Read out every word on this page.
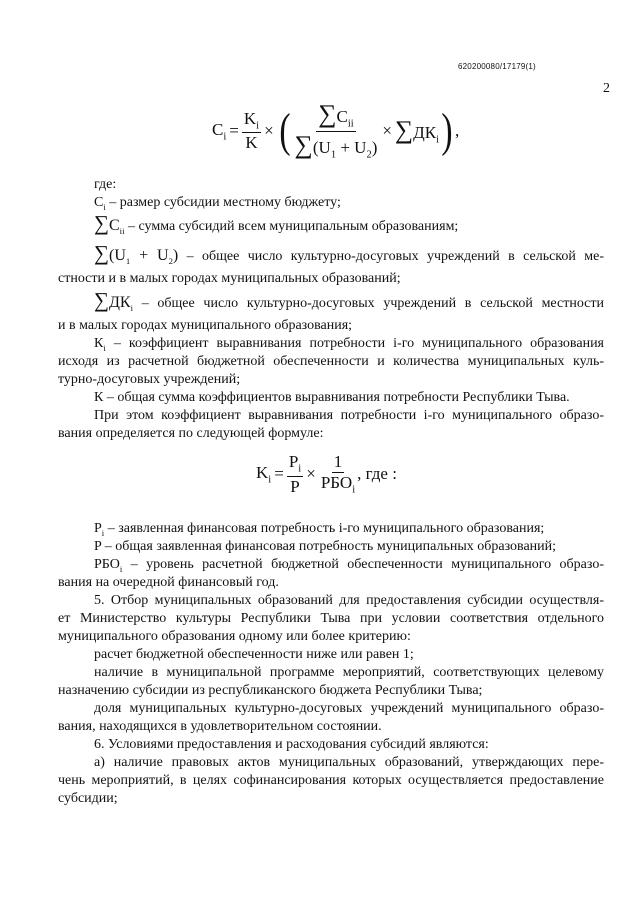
620200080/17179(1)
2
$C_i = \frac{K_i}{K}$ × ( $\frac{\sum C_{ii}}{\sum(U_1 + U_2)} \times \sum ДК_i$ ) ,
где:
$C_i$ – размер субсидии местному бюджету;
$\sum C_{ii}$ – сумма субсидий всем муниципальным образованиям;
$\sum(U_1 + U_2)$ – общее число культурно-досуговых учреждений в сельской ме-
стности и в малых городах муниципальных образований;
$\sum ДК_i$ – общее число культурно-досуговых учреждений в сельской местности
и в малых городах муниципального образования;
$К_i$ – коэффициент выравнивания потребности i-го муниципального образования
исходя из расчетной бюджетной обеспеченности и количества муниципальных куль-
турно-досуговых учреждений;
К – общая сумма коэффициентов выравнивания потребности Республики Тыва.
При этом коэффициент выравнивания потребности i-го муниципального образо-
вания определяется по следующей формуле:
$K_i = \frac{P_i}{P} \times \frac{1}{РБО_i}$ , где :
$P_i$ – заявленная финансовая потребность i-го муниципального образования;
P – общая заявленная финансовая потребность муниципальных образований;
$РБО_i$ – уровень расчетной бюджетной обеспеченности муниципального образо-
вания на очередной финансовый год.
5. Отбор муниципальных образований для предоставления субсидии осуществля-
ет Министерство культуры Республики Тыва при условии соответствия отдельного
муниципального образования одному или более критерию:
расчет бюджетной обеспеченности ниже или равен 1;
наличие в муниципальной программе мероприятий, соответствующих целевому
назначению субсидии из республиканского бюджета Республики Тыва;
доля муниципальных культурно-досуговых учреждений муниципального образо-
вания, находящихся в удовлетворительном состоянии.
6. Условиями предоставления и расходования субсидий являются:
а) наличие правовых актов муниципальных образований, утверждающих пере-
чень мероприятий, в целях софинансирования которых осуществляется предоставление
субсидии;
